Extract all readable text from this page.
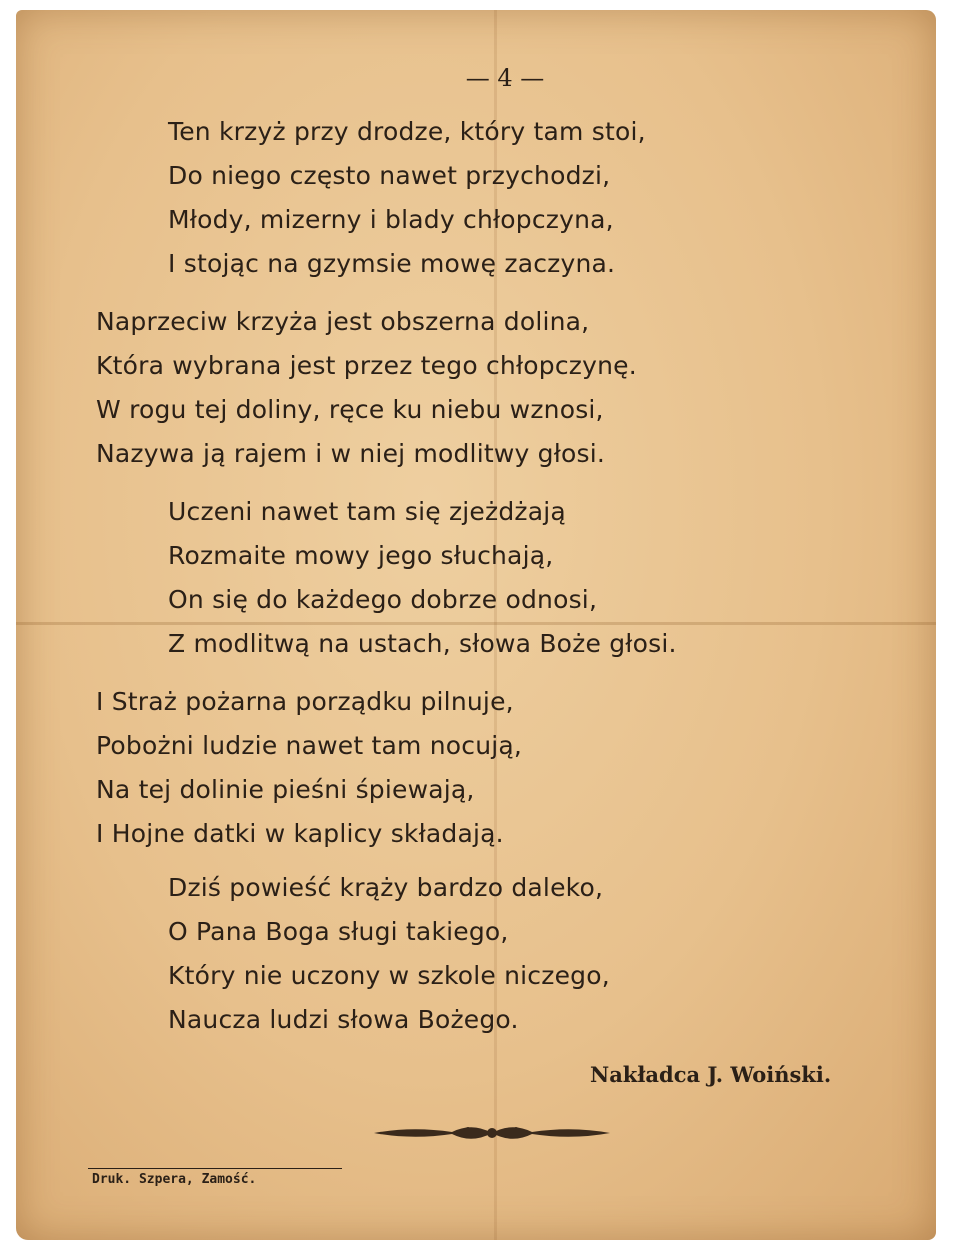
— 4 —
Ten krzyż przy drodze, który tam stoi,
Do niego często nawet przychodzi,
Młody, mizerny i blady chłopczyna,
I stojąc na gzymsie mowę zaczyna.
Naprzeciw krzyża jest obszerna dolina,
Która wybrana jest przez tego chłopczynę.
W rogu tej doliny, ręce ku niebu wznosi,
Nazywa ją rajem i w niej modlitwy głosi.
Uczeni nawet tam się zjeżdżają
Rozmaite mowy jego słuchają,
On się do każdego dobrze odnosi,
Z modlitwą na ustach, słowa Boże głosi.
I Straż pożarna porządku pilnuje,
Pobożni ludzie nawet tam nocują,
Na tej dolinie pieśni śpiewają,
I Hojne datki w kaplicy składają.
Dziś powieść krąży bardzo daleko,
O Pana Boga sługi takiego,
Który nie uczony w szkole niczego,
Naucza ludzi słowa Bożego.
Nakładca J. Woiński.
Druk. Szpera, Zamość.
